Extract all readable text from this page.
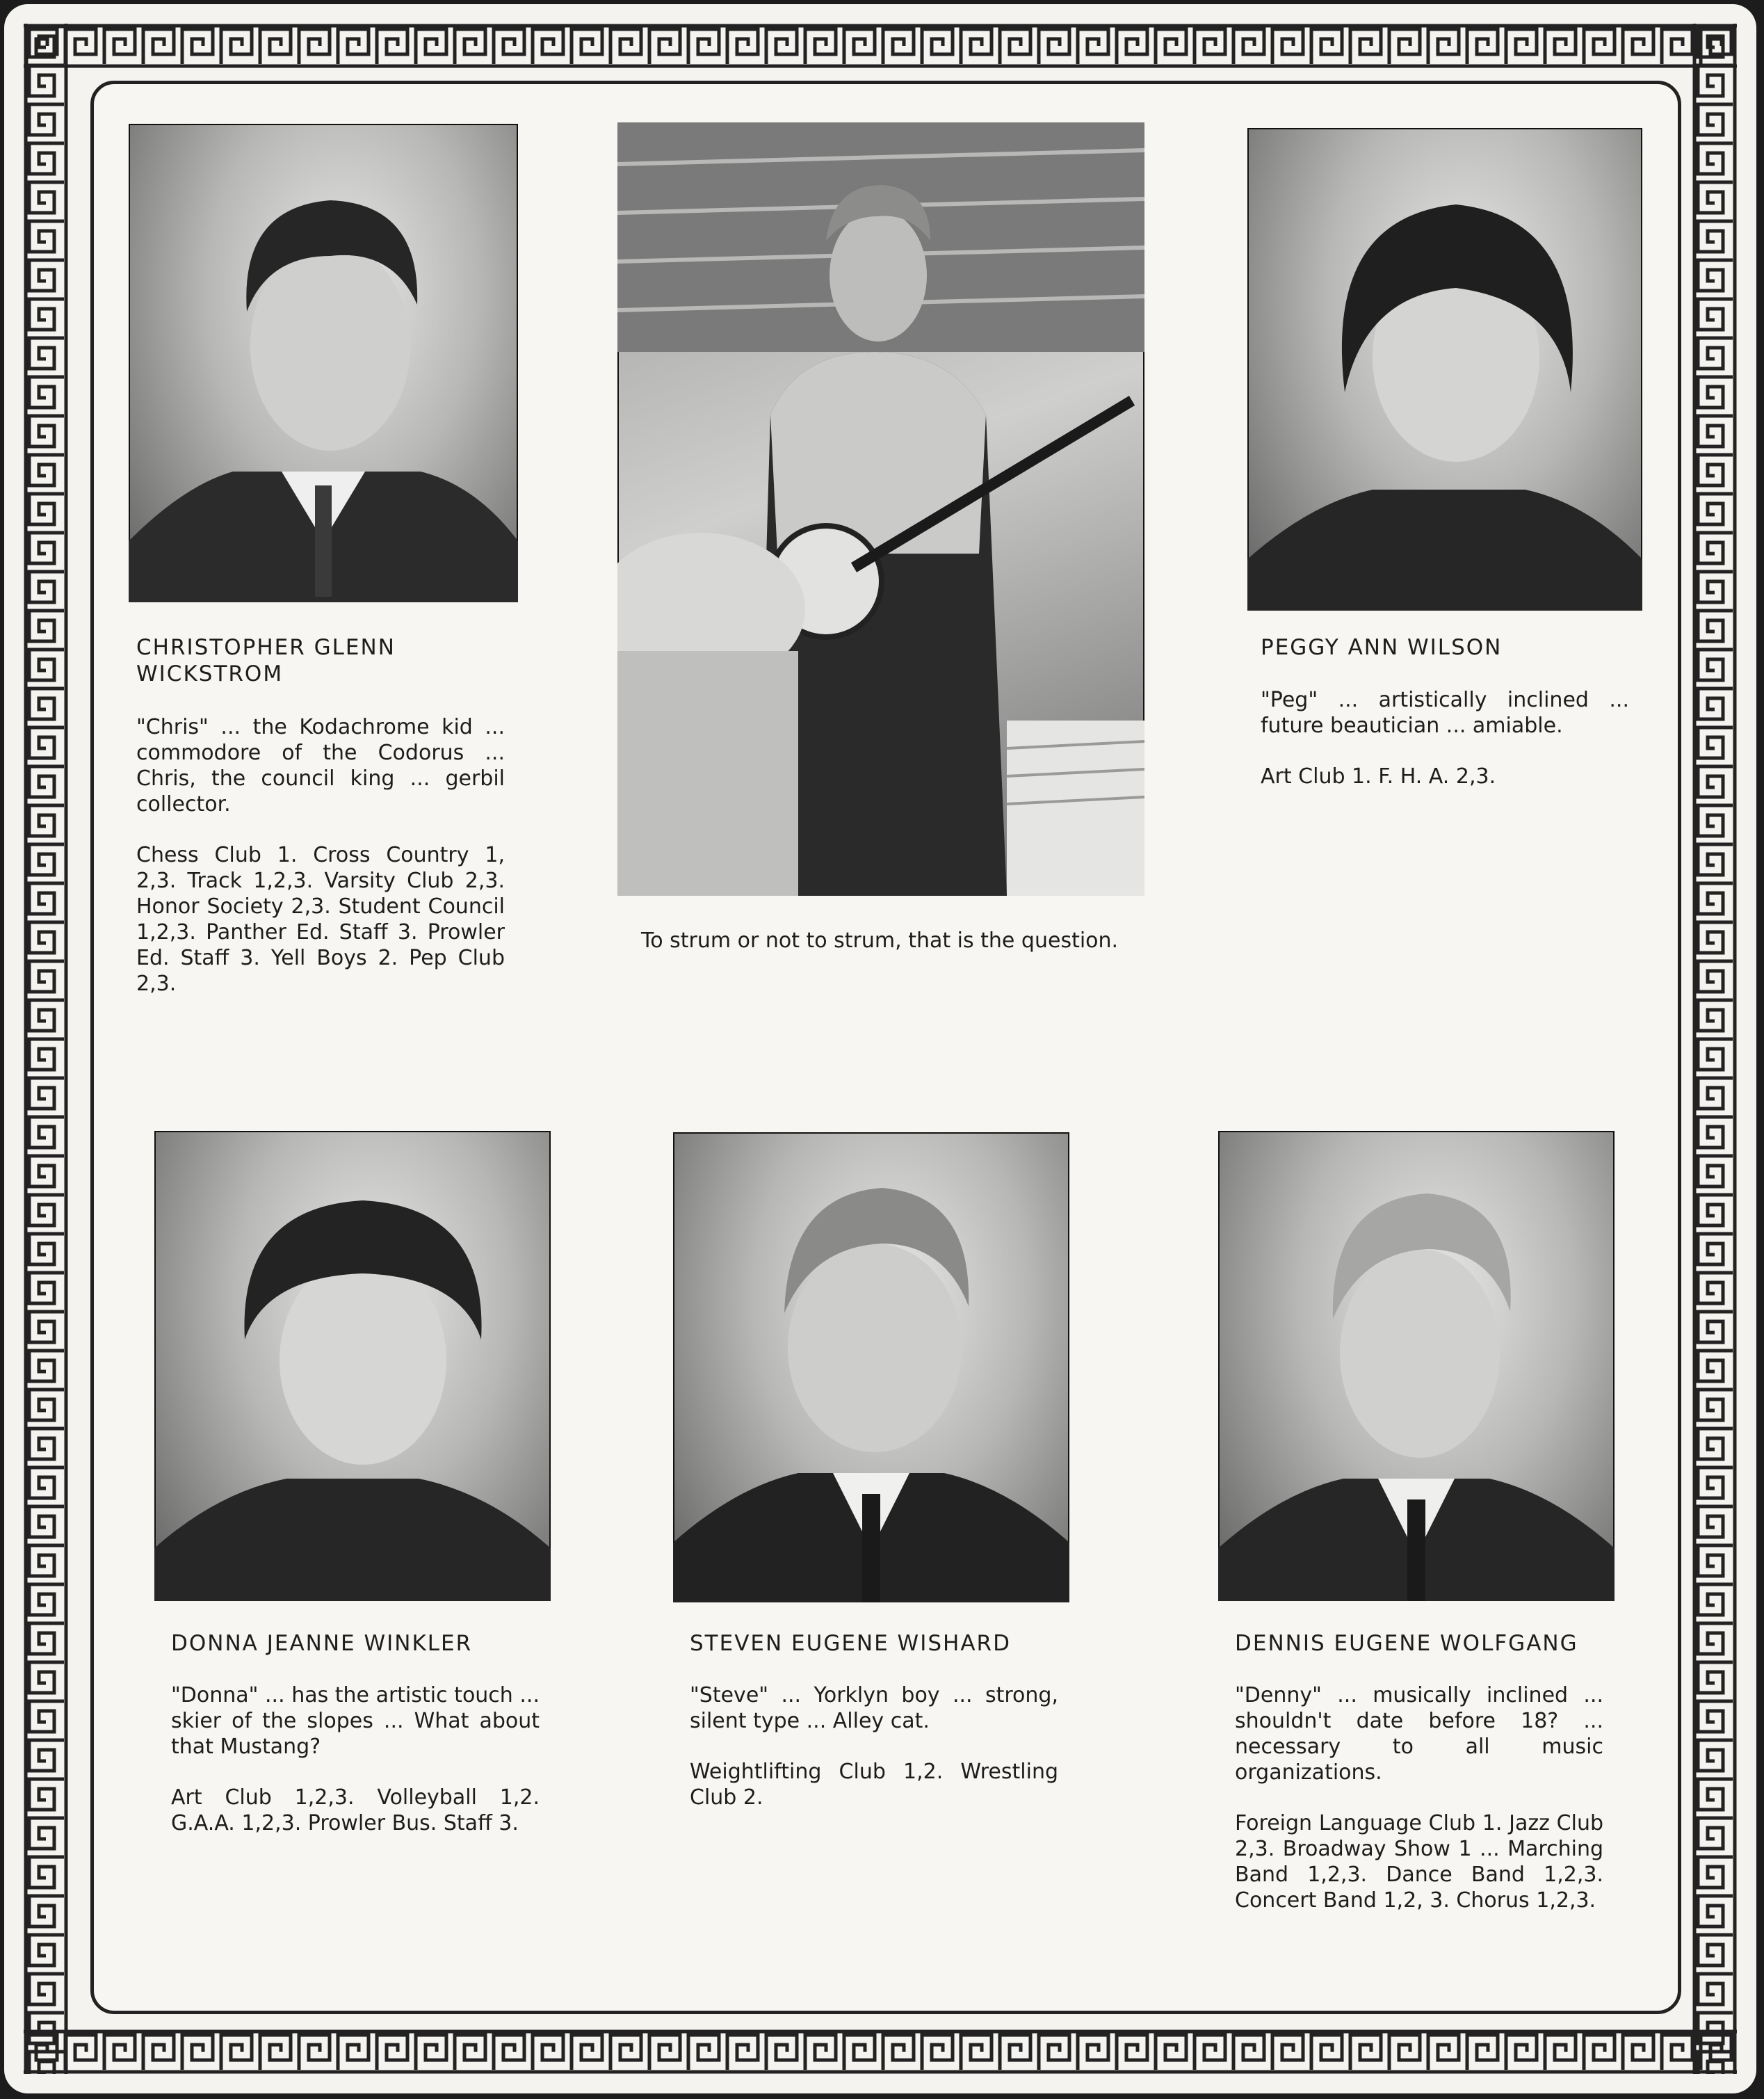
CHRISTOPHER GLENN
WICKSTROM

"Chris" ... the Kodachrome kid ... commodore of the Codorus ... Chris, the council king ... gerbil collector.

Chess Club 1. Cross Country 1, 2,3. Track 1,2,3. Varsity Club 2,3. Honor Society 2,3. Student Council 1,2,3. Panther Ed. Staff 3. Prowler Ed. Staff 3. Yell Boys 2. Pep Club 2,3.

To strum or not to strum, that is the question.
PEGGY ANN WILSON

"Peg" ... artistically inclined ... future beautician ... amiable.

Art Club 1. F. H. A. 2,3.

DONNA JEANNE WINKLER

"Donna" ... has the artistic touch ... skier of the slopes ... What about that Mustang?

Art Club 1,2,3. Volleyball 1,2. G.A.A. 1,2,3. Prowler Bus. Staff 3.

STEVEN EUGENE WISHARD

"Steve" ... Yorklyn boy ... strong, silent type ... Alley cat.

Weightlifting Club 1,2. Wrestling Club 2.

DENNIS EUGENE WOLFGANG

"Denny" ... musically inclined ... shouldn't date before 18? ... necessary to all music organizations.

Foreign Language Club 1. Jazz Club 2,3. Broadway Show 1 ... Marching Band 1,2,3. Dance Band 1,2,3. Concert Band 1,2, 3. Chorus 1,2,3.
